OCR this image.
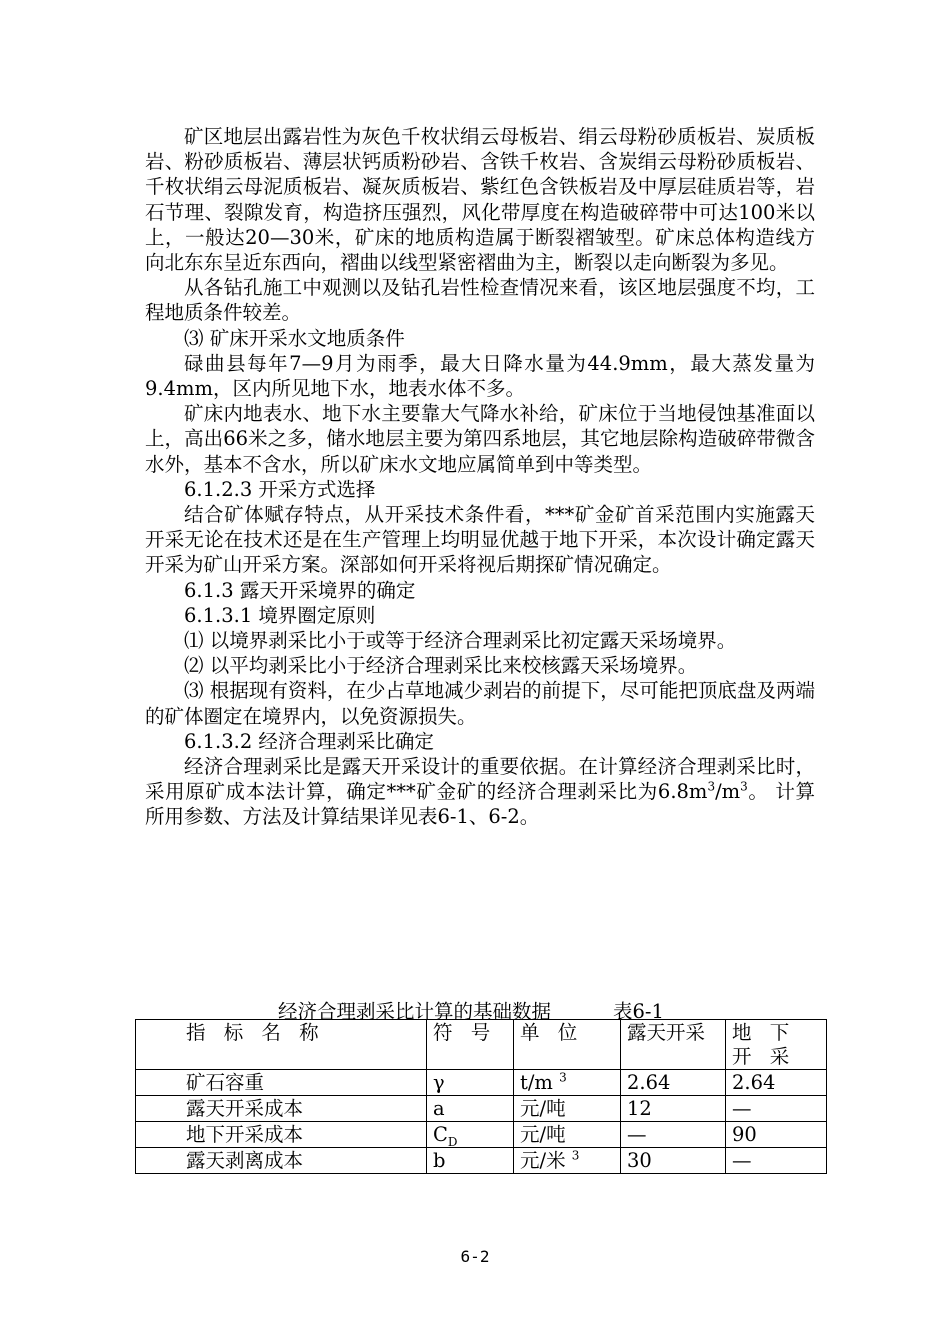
矿区地层出露岩性为灰色千枚状绢云母板岩、绢云母粉砂质板岩、炭质板岩、粉砂质板岩、薄层状钙质粉砂岩、含铁千枚岩、含炭绢云母粉砂质板岩、千枚状绢云母泥质板岩、凝灰质板岩、紫红色含铁板岩及中厚层硅质岩等，岩石节理、裂隙发育，构造挤压强烈，风化带厚度在构造破碎带中可达100米以上，一般达20—30米，矿床的地质构造属于断裂褶皱型。矿床总体构造线方向北东东呈近东西向，褶曲以线型紧密褶曲为主，断裂以走向断裂为多见。

从各钻孔施工中观测以及钻孔岩性检查情况来看，该区地层强度不均，工程地质条件较差。

⑶ 矿床开采水文地质条件

碌曲县每年7—9月为雨季，最大日降水量为44.9mm，最大蒸发量为9.4mm，区内所见地下水，地表水体不多。

矿床内地表水、地下水主要靠大气降水补给，矿床位于当地侵蚀基准面以上，高出66米之多，储水地层主要为第四系地层，其它地层除构造破碎带微含水外，基本不含水，所以矿床水文地应属简单到中等类型。

6.1.2.3 开采方式选择

结合矿体赋存特点，从开采技术条件看，***矿金矿首采范围内实施露天开采无论在技术还是在生产管理上均明显优越于地下开采，本次设计确定露天开采为矿山开采方案。深部如何开采将视后期探矿情况确定。

6.1.3 露天开采境界的确定

6.1.3.1 境界圈定原则

⑴ 以境界剥采比小于或等于经济合理剥采比初定露天采场境界。

⑵ 以平均剥采比小于经济合理剥采比来校核露天采场境界。

⑶ 根据现有资料，在少占草地减少剥岩的前提下，尽可能把顶底盘及两端的矿体圈定在境界内，以免资源损失。

6.1.3.2 经济合理剥采比确定

经济合理剥采比是露天开采设计的重要依据。在计算经济合理剥采比时，采用原矿成本法计算，确定***矿金矿的经济合理剥采比为$6.8m^3/m^3$。 计算所用参数、方法及计算结果详见表6-1、6-2。

经济合理剥采比计算的基础数据	表6-1
指 标 名 称	符 号	单 位	露天开采	地 下 开 采
矿石容重	γ	t/m $^3$	2.64	2.64
露天开采成本	a	元/吨	12	—
地下开采成本	$C_D$	元/吨	—	90
露天剥离成本	b	元/米 $^3$	30	—
6-2
